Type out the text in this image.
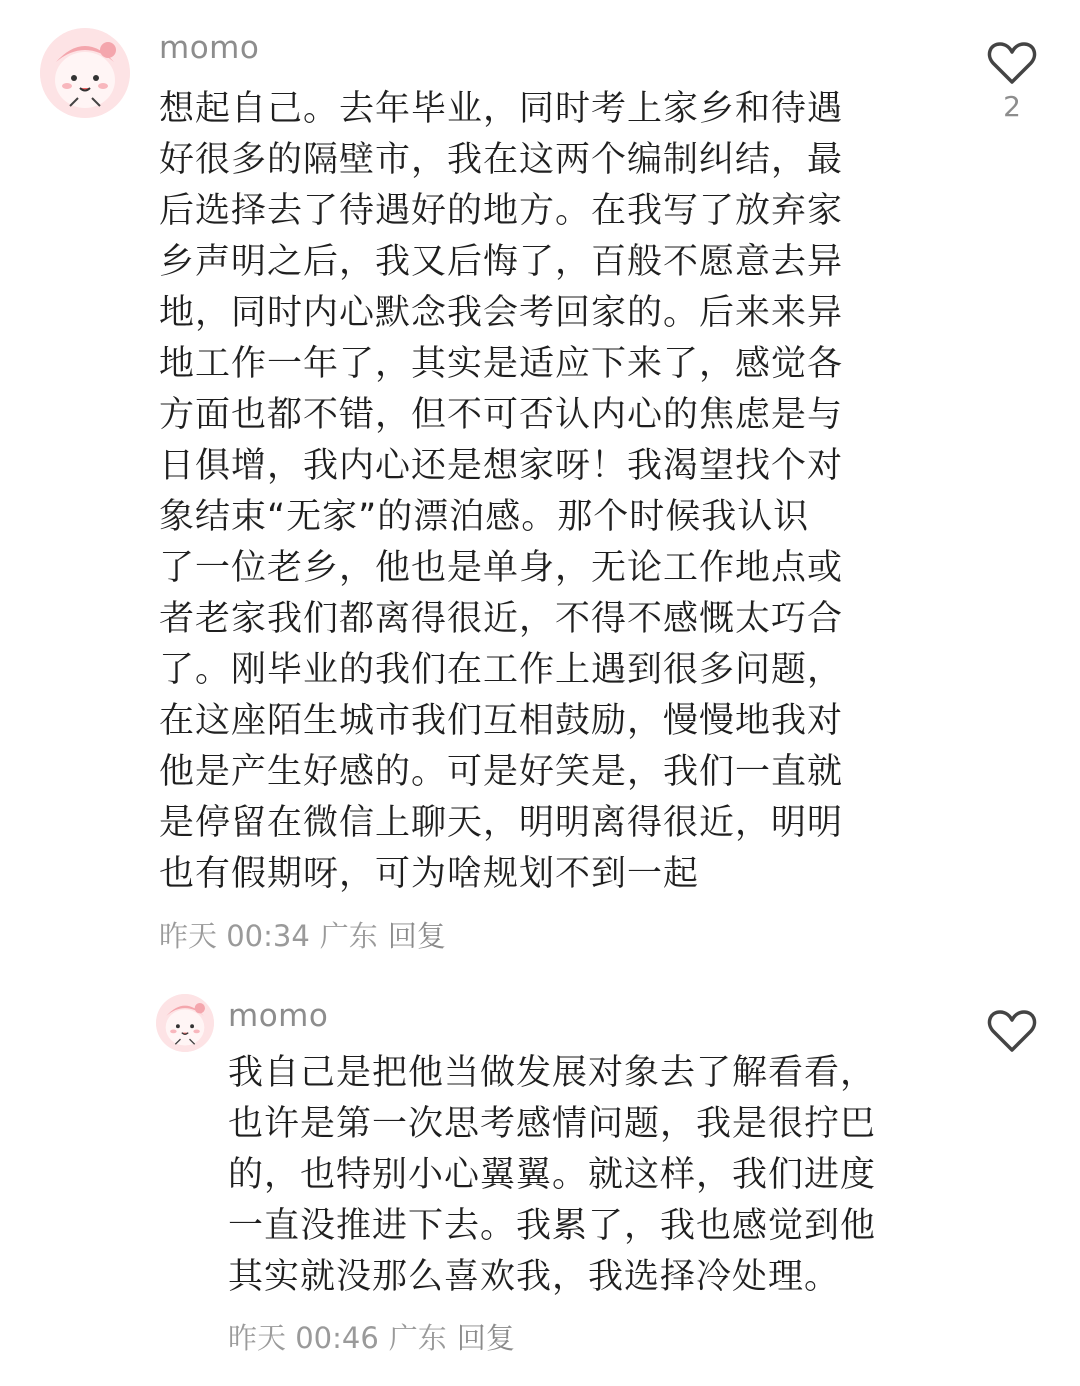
momo
想起自己。去年毕业，同时考上家乡和待遇
好很多的隔壁市，我在这两个编制纠结，最
后选择去了待遇好的地方。在我写了放弃家
乡声明之后，我又后悔了，百般不愿意去异
地，同时内心默念我会考回家的。后来来异
地工作一年了，其实是适应下来了，感觉各
方面也都不错，但不可否认内心的焦虑是与
日俱增，我内心还是想家呀！我渴望找个对
象结束“无家”的漂泊感。那个时候我认识
了一位老乡，他也是单身，无论工作地点或
者老家我们都离得很近，不得不感慨太巧合
了。刚毕业的我们在工作上遇到很多问题，
在这座陌生城市我们互相鼓励，慢慢地我对
他是产生好感的。可是好笑是，我们一直就
是停留在微信上聊天，明明离得很近，明明
也有假期呀，可为啥规划不到一起
昨天 00:34 广东 回复
2
momo
我自己是把他当做发展对象去了解看看，
也许是第一次思考感情问题，我是很拧巴
的，也特别小心翼翼。就这样，我们进度
一直没推进下去。我累了，我也感觉到他
其实就没那么喜欢我，我选择冷处理。
昨天 00:46 广东 回复
